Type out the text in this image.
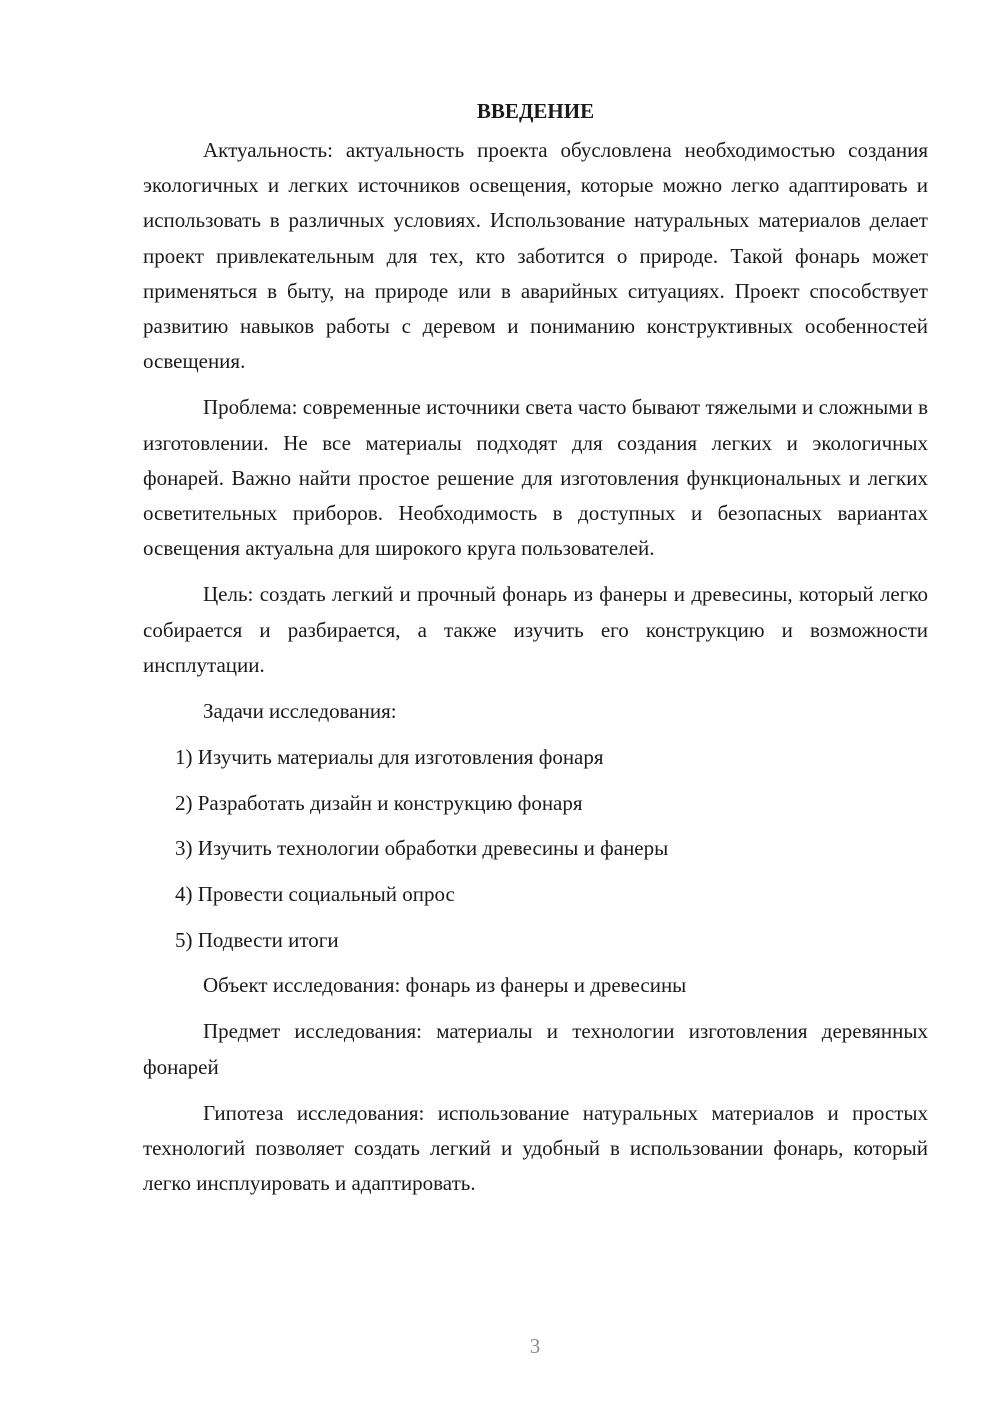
ВВЕДЕНИЕ

Актуальность: актуальность проекта обусловлена необходимостью создания экологичных и легких источников освещения, которые можно легко адаптировать и использовать в различных условиях. Использование натуральных материалов делает проект привлекательным для тех, кто заботится о природе. Такой фонарь может применяться в быту, на природе или в аварийных ситуациях. Проект способствует развитию навыков работы с деревом и пониманию конструктивных особенностей освещения.

Проблема: современные источники света часто бывают тяжелыми и сложными в изготовлении. Не все материалы подходят для создания легких и экологичных фонарей. Важно найти простое решение для изготовления функциональных и легких осветительных приборов. Необходимость в доступных и безопасных вариантах освещения актуальна для широкого круга пользователей.

Цель: создать легкий и прочный фонарь из фанеры и древесины, который легко собирается и разбирается, а также изучить его конструкцию и возможности инсплутации.

Задачи исследования:

1) Изучить материалы для изготовления фонаря
2) Разработать дизайн и конструкцию фонаря
3) Изучить технологии обработки древесины и фанеры
4) Провести социальный опрос
5) Подвести итоги

Объект исследования: фонарь из фанеры и древесины

Предмет исследования: материалы и технологии изготовления деревянных фонарей

Гипотеза исследования: использование натуральных материалов и простых технологий позволяет создать легкий и удобный в использовании фонарь, который легко инсплуировать и адаптировать.

3
